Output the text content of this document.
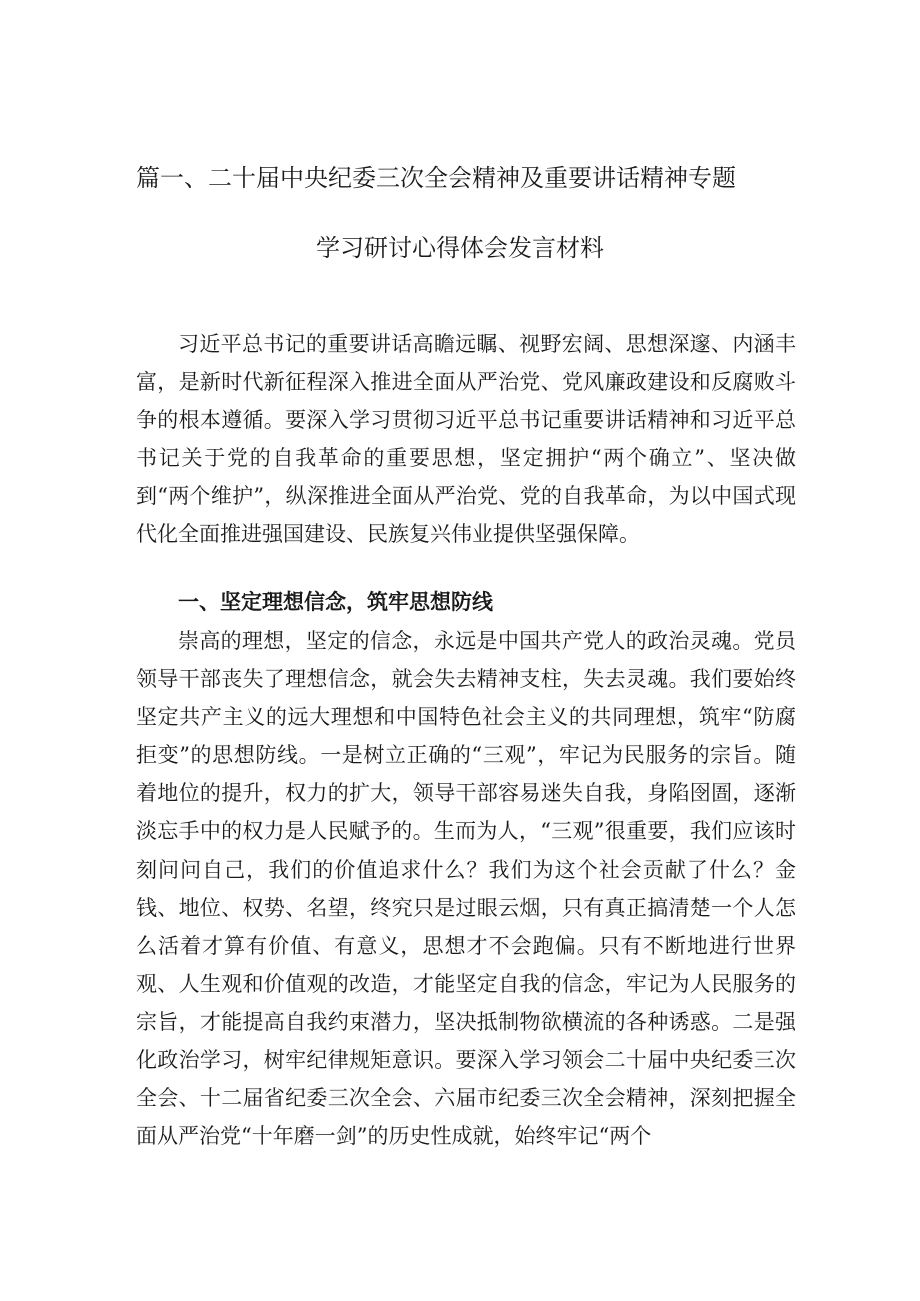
篇一、二十届中央纪委三次全会精神及重要讲话精神专题
学习研讨心得体会发言材料

习近平总书记的重要讲话高瞻远瞩、视野宏阔、思想深邃、内涵丰富，是新时代新征程深入推进全面从严治党、党风廉政建设和反腐败斗争的根本遵循。要深入学习贯彻习近平总书记重要讲话精神和习近平总书记关于党的自我革命的重要思想，坚定拥护“两个确立”、坚决做到“两个维护”，纵深推进全面从严治党、党的自我革命，为以中国式现代化全面推进强国建设、民族复兴伟业提供坚强保障。

一、坚定理想信念，筑牢思想防线

崇高的理想，坚定的信念，永远是中国共产党人的政治灵魂。党员领导干部丧失了理想信念，就会失去精神支柱，失去灵魂。我们要始终坚定共产主义的远大理想和中国特色社会主义的共同理想，筑牢“防腐拒变”的思想防线。一是树立正确的“三观”，牢记为民服务的宗旨。随着地位的提升，权力的扩大，领导干部容易迷失自我，身陷囹圄，逐渐淡忘手中的权力是人民赋予的。生而为人，“三观”很重要，我们应该时刻问问自己，我们的价值追求什么？我们为这个社会贡献了什么？金钱、地位、权势、名望，终究只是过眼云烟，只有真正搞清楚一个人怎么活着才算有价值、有意义，思想才不会跑偏。只有不断地进行世界观、人生观和价值观的改造，才能坚定自我的信念，牢记为人民服务的宗旨，才能提高自我约束潜力，坚决抵制物欲横流的各种诱惑。二是强化政治学习，树牢纪律规矩意识。要深入学习领会二十届中央纪委三次全会、十二届省纪委三次全会、六届市纪委三次全会精神，深刻把握全面从严治党“十年磨一剑”的历史性成就，始终牢记“两个
